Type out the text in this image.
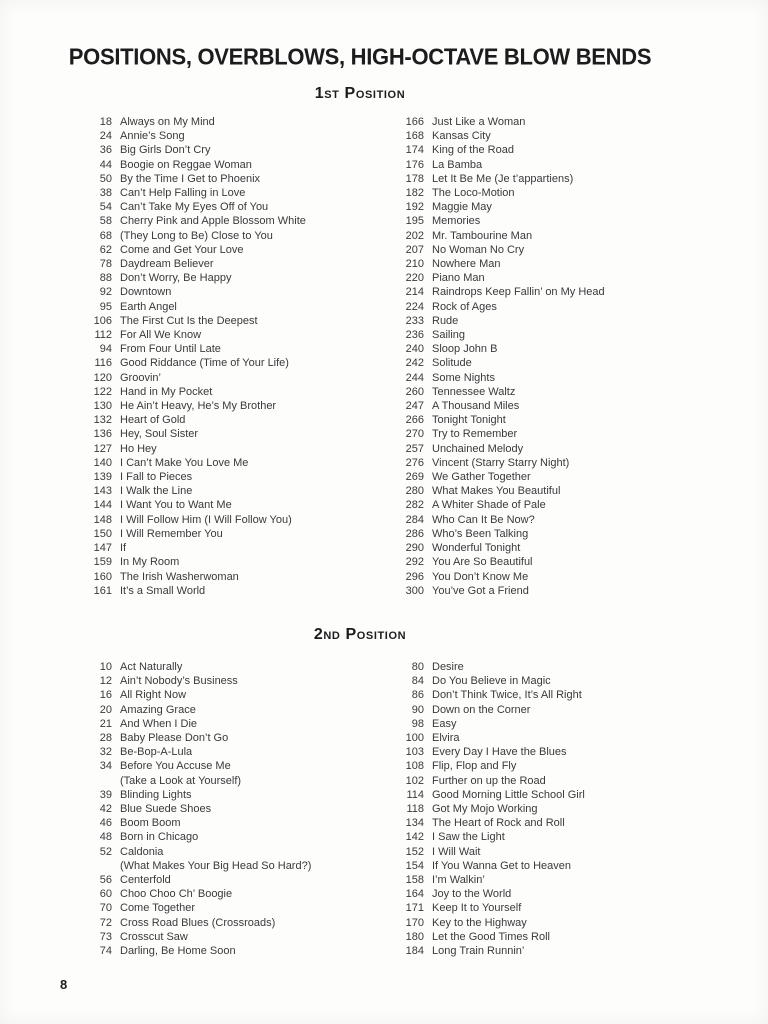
POSITIONS, OVERBLOWS, HIGH-OCTAVE BLOW BENDS
1st Position
18 Always on My Mind
24 Annie’s Song
36 Big Girls Don’t Cry
44 Boogie on Reggae Woman
50 By the Time I Get to Phoenix
38 Can’t Help Falling in Love
54 Can’t Take My Eyes Off of You
58 Cherry Pink and Apple Blossom White
68 (They Long to Be) Close to You
62 Come and Get Your Love
78 Daydream Believer
88 Don’t Worry, Be Happy
92 Downtown
95 Earth Angel
106 The First Cut Is the Deepest
112 For All We Know
94 From Four Until Late
116 Good Riddance (Time of Your Life)
120 Groovin’
122 Hand in My Pocket
130 He Ain’t Heavy, He’s My Brother
132 Heart of Gold
136 Hey, Soul Sister
127 Ho Hey
140 I Can’t Make You Love Me
139 I Fall to Pieces
143 I Walk the Line
144 I Want You to Want Me
148 I Will Follow Him (I Will Follow You)
150 I Will Remember You
147 If
159 In My Room
160 The Irish Washerwoman
161 It’s a Small World
166 Just Like a Woman
168 Kansas City
174 King of the Road
176 La Bamba
178 Let It Be Me (Je t’appartiens)
182 The Loco-Motion
192 Maggie May
195 Memories
202 Mr. Tambourine Man
207 No Woman No Cry
210 Nowhere Man
220 Piano Man
214 Raindrops Keep Fallin’ on My Head
224 Rock of Ages
233 Rude
236 Sailing
240 Sloop John B
242 Solitude
244 Some Nights
260 Tennessee Waltz
247 A Thousand Miles
266 Tonight Tonight
270 Try to Remember
257 Unchained Melody
276 Vincent (Starry Starry Night)
269 We Gather Together
280 What Makes You Beautiful
282 A Whiter Shade of Pale
284 Who Can It Be Now?
286 Who’s Been Talking
290 Wonderful Tonight
292 You Are So Beautiful
296 You Don’t Know Me
300 You’ve Got a Friend
2nd Position
10 Act Naturally
12 Ain’t Nobody’s Business
16 All Right Now
20 Amazing Grace
21 And When I Die
28 Baby Please Don’t Go
32 Be-Bop-A-Lula
34 Before You Accuse Me
(Take a Look at Yourself)
39 Blinding Lights
42 Blue Suede Shoes
46 Boom Boom
48 Born in Chicago
52 Caldonia
(What Makes Your Big Head So Hard?)
56 Centerfold
60 Choo Choo Ch’ Boogie
70 Come Together
72 Cross Road Blues (Crossroads)
73 Crosscut Saw
74 Darling, Be Home Soon
80 Desire
84 Do You Believe in Magic
86 Don’t Think Twice, It’s All Right
90 Down on the Corner
98 Easy
100 Elvira
103 Every Day I Have the Blues
108 Flip, Flop and Fly
102 Further on up the Road
114 Good Morning Little School Girl
118 Got My Mojo Working
134 The Heart of Rock and Roll
142 I Saw the Light
152 I Will Wait
154 If You Wanna Get to Heaven
158 I’m Walkin’
164 Joy to the World
171 Keep It to Yourself
170 Key to the Highway
180 Let the Good Times Roll
184 Long Train Runnin’
8
